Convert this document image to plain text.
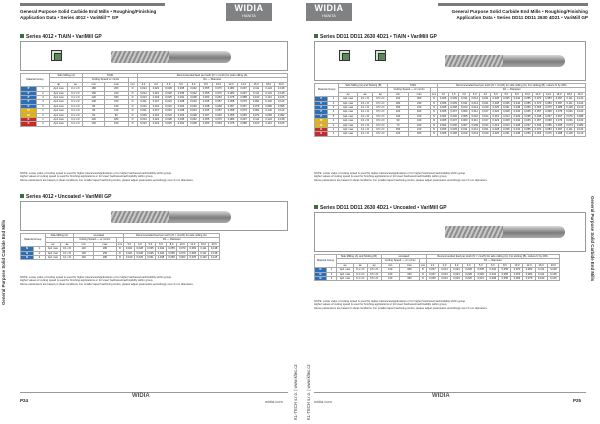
General Purpose Solid Carbide End Mills • Roughing/Finishing
Application Data • Series 4012 • VariMill™ GP
WIDIA
HANITA
General Purpose Solid Carbide End Mills
Series 4012 • TiAlN • VariMill GP
Material Group		Side Milling (A)		TiAlN			Recommended feed per tooth (fz = mm/th) for side milling (A).											
				Cutting Speed vc m/min			D1 — Diameter											
		ap	ae	min	max	mm	2,0	3,0	4,0	5,0	6,0	8,0	10,0	12,0	14,0	16,0	18,0	20,0
P	1	Ap1 max	0,1 x D	180	260	fz	0,014	0,021	0,028	0,035	0,042	0,055	0,070	0,083	0,097	0,111	0,124	0,138
P	2	Ap1 max	0,1 x D	150	210	fz	0,014	0,021	0,028	0,035	0,042	0,055	0,070	0,083	0,097	0,111	0,124	0,138
P	3	Ap1 max	0,1 x D	120	180	fz	0,013	0,019	0,025	0,031	0,038	0,050	0,063	0,075	0,088	0,100	0,113	0,125
P	4	Ap1 max	0,1 x D	100	150	fz	0,011	0,017	0,023	0,028	0,034	0,045	0,057	0,068	0,079	0,091	0,102	0,113
P	5	Ap1 max	0,1 x D	80	130	fz	0,010	0,014	0,019	0,024	0,029	0,038	0,048	0,057	0,067	0,076	0,086	0,095
M	1	Ap1 max	0,1 x D	90	110	fz	0,011	0,017	0,023	0,028	0,034	0,045	0,057	0,068	0,079	0,091	0,102	0,113
M	2	Ap1 max	0,1 x D	60	90	fz	0,009	0,014	0,019	0,023	0,028	0,037	0,046	0,055	0,065	0,074	0,083	0,092
K	1	Ap1 max	0,1 x D	120	180	fz	0,014	0,021	0,028	0,035	0,042	0,055	0,070	0,083	0,097	0,111	0,124	0,138
K	2	Ap1 max	0,1 x D	100	150	fz	0,013	0,019	0,025	0,031	0,038	0,050	0,063	0,075	0,088	0,100	0,113	0,125
NOTE: Lower value of cutting speed is used for higher tolerances/applications or for higher hardness/machinability within group.
Higher values of cutting speed is used for finishing applications or for lower hardness/machinability within group.
Above parameters are based on ideal conditions. For smaller taper/machining centre, please adjust parameters accordingly over 3 mm diameters.
Series 4012 • Uncoated • VariMill GP
Material Group		Side Milling (A)		uncoated			Recommended feed per tooth (fz = mm/th) for side milling (A).								
				Cutting Speed — vc m/min			D1 — Diameter								
		ap	ae	min	max	mm	3,0	4,0	5,0	6,0	8,0	10,0	12,0	16,0	20,0
N	1	Ap1 max	0,1 x D	120	180	fz	0,021	0,028	0,035	0,042	0,055	0,070	0,083	0,111	0,138
N	2	Ap1 max	0,1 x D	100	150	fz	0,021	0,028	0,035	0,042	0,055	0,070	0,083	0,111	0,138
N	3	Ap1 max	0,1 x D	120	180	fz	0,019	0,025	0,031	0,038	0,050	0,063	0,075	0,100	0,125
NOTE: Lower value of cutting speed is used for higher tolerances/applications or for higher hardness/machinability within group.
Higher values of cutting speed is used for finishing applications or for lower hardness/machinability within group.
Above parameters are based on ideal conditions. For smaller taper/machining centre, please adjust parameters accordingly over 3 mm diameters.
P24
WIDIA
widia.com KL-TECH s.r.o. | www.kltec.cz
General Purpose Solid Carbide End Mills • Roughing/Finishing
Application Data • Series DD11 DD11 2630 4D21 • VariMill GP
WIDIA
HANITA
Series DD11 DD11 2630 4D21 • TiAlN • VariMill GP
Material Group		Side Milling (A) and Slotting (B)			TiAlN			Recommended feed per tooth (fz = mm/th) for side milling (A). For slotting (B), reduce fz by 20%.													
					Cutting Speed — vc m/min			D1 — Diameter													
		ap	ae	ap	min	max	mm	1,0	1,5	2,0	3,0	4,0	5,0	6,0	8,0	10,0	12,0	14,0	16,0	18,0	20,0
P	1	Ap1 max	0,1 x D	0,5 x D	210	300	fz	0,006	0,009	0,011	0,014	0,021	0,028	0,035	0,042	0,055	0,070	0,083	0,097	0,111	0,124
P	2	Ap1 max	0,1 x D	0,5 x D	180	240	fz	0,006	0,009	0,011	0,014	0,021	0,028	0,035	0,042	0,055	0,070	0,083	0,097	0,111	0,124
P	3	Ap1 max	0,1 x D	0,5 x D	150	210	fz	0,005	0,008	0,010	0,013	0,019	0,025	0,031	0,038	0,050	0,063	0,075	0,088	0,100	0,113
P	4	Ap1 max	0,1 x D	0,5 x D	120	180	fz	0,005	0,007	0,009	0,011	0,017	0,023	0,028	0,034	0,045	0,057	0,068	0,079	0,091	0,102
P	5	Ap1 max	0,1 x D	0,5 x D	100	150	fz	0,004	0,006	0,008	0,010	0,014	0,019	0,024	0,029	0,038	0,048	0,057	0,067	0,076	0,086
M	1	Ap1 max	0,1 x D	0,5 x D	90	130	fz	0,005	0,007	0,009	0,011	0,017	0,023	0,028	0,034	0,045	0,057	0,068	0,079	0,091	0,102
M	2	Ap1 max	0,1 x D	0,5 x D	70	100	fz	0,004	0,006	0,007	0,009	0,014	0,019	0,023	0,028	0,037	0,046	0,055	0,065	0,074	0,083
K	1	Ap1 max	0,1 x D	0,5 x D	150	210	fz	0,006	0,009	0,011	0,014	0,021	0,028	0,035	0,042	0,055	0,070	0,083	0,097	0,111	0,124
K	2	Ap1 max	0,1 x D	0,5 x D	120	180	fz	0,005	0,008	0,010	0,013	0,019	0,025	0,031	0,038	0,050	0,063	0,075	0,088	0,100	0,113
NOTE: Lower value of cutting speed is used for higher tolerances/applications or for higher hardness/machinability within group.
Higher values of cutting speed is used for finishing applications or for lower hardness/machinability within group.
Above parameters are based on ideal conditions. For smaller taper/machining centre, please adjust parameters accordingly over 3 mm diameters.
Series DD11 DD11 2630 4D21 • Uncoated • VariMill GP
Material Group		Side Milling (A) and Slotting (B)			uncoated			Recommended feed per tooth (fz = mm/th) for side milling (A). For slotting (B), reduce fz by 20%.										
					Cutting Speed — vc m/min			D1 — Diameter										
		ap	ae	ap	min	max	mm	1,0	2,0	3,0	4,0	5,0	6,0	8,0	10,0	12,0	16,0	20,0
N	1	Ap1 max	0,1 x D	0,5 x D	120	180	fz	0,007	0,014	0,021	0,028	0,035	0,042	0,055	0,070	0,083	0,111	0,138
N	2	Ap1 max	0,1 x D	0,5 x D	100	150	fz	0,007	0,014	0,021	0,028	0,035	0,042	0,055	0,070	0,083	0,111	0,138
N	3	Ap1 max	0,1 x D	0,5 x D	120	180	fz	0,006	0,013	0,019	0,025	0,031	0,038	0,050	0,063	0,075	0,100	0,125
NOTE: Lower value of cutting speed is used for higher tolerances/applications or for higher hardness/machinability within group.
Higher values of cutting speed is used for finishing applications or for lower hardness/machinability within group.
Above parameters are based on ideal conditions. For smaller taper/machining centre, please adjust parameters accordingly over 3 mm diameters.
widia.com
WIDIA
P25
KL-TECH s.r.o. | www.kltec.cz
General Purpose Solid Carbide End Mills
